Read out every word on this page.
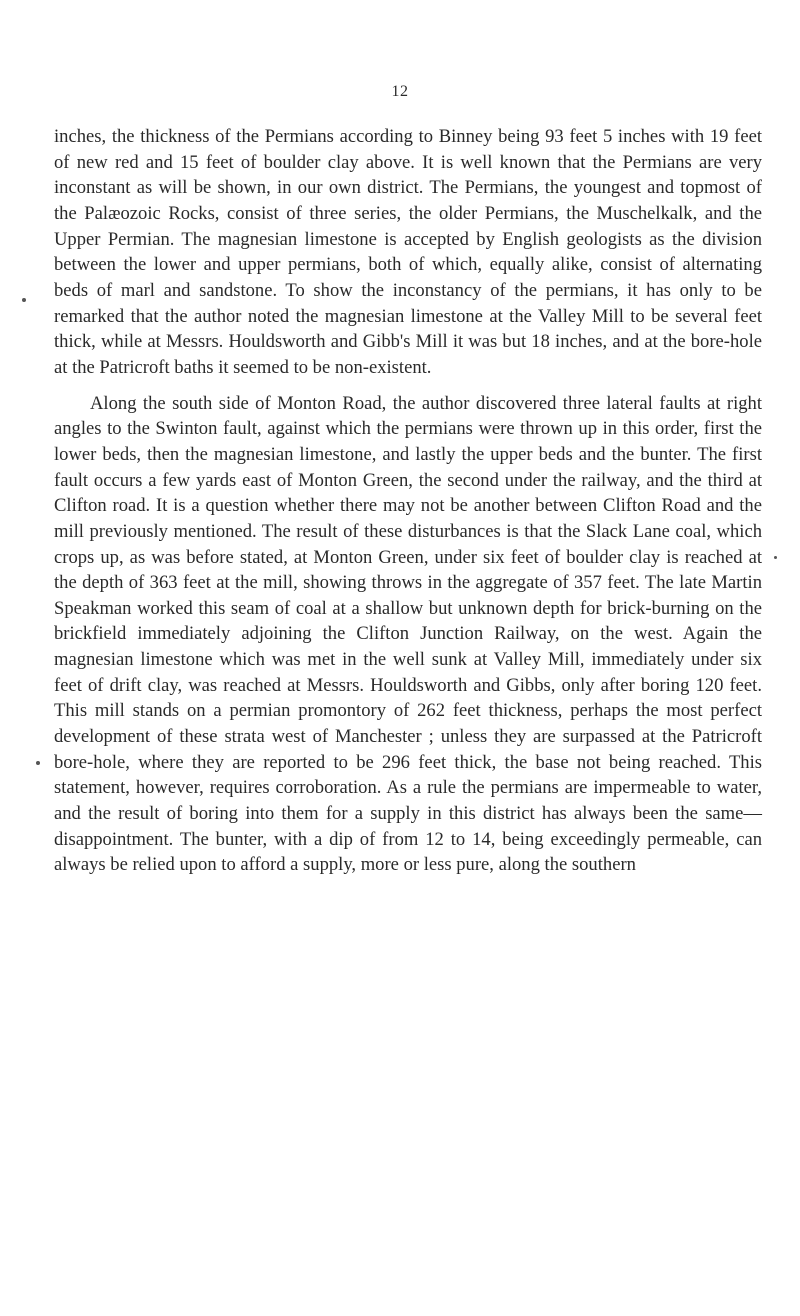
12

inches, the thickness of the Permians according to Binney being 93 feet 5 inches with 19 feet of new red and 15 feet of boulder clay above. It is well known that the Permians are very inconstant as will be shown, in our own district. The Permians, the youngest and topmost of the Palæozoic Rocks, consist of three series, the older Permians, the Muschelkalk, and the Upper Permian. The magnesian limestone is accepted by English geologists as the division between the lower and upper permians, both of which, equally alike, consist of alternating beds of marl and sandstone. To show the inconstancy of the permians, it has only to be remarked that the author noted the magnesian limestone at the Valley Mill to be several feet thick, while at Messrs. Houldsworth and Gibb's Mill it was but 18 inches, and at the bore-hole at the Patricroft baths it seemed to be non-existent.

Along the south side of Monton Road, the author discovered three lateral faults at right angles to the Swinton fault, against which the permians were thrown up in this order, first the lower beds, then the magnesian limestone, and lastly the upper beds and the bunter. The first fault occurs a few yards east of Monton Green, the second under the railway, and the third at Clifton road. It is a question whether there may not be another between Clifton Road and the mill previously mentioned. The result of these disturbances is that the Slack Lane coal, which crops up, as was before stated, at Monton Green, under six feet of boulder clay is reached at the depth of 363 feet at the mill, showing throws in the aggregate of 357 feet. The late Martin Speakman worked this seam of coal at a shallow but unknown depth for brick-burning on the brickfield immediately adjoining the Clifton Junction Railway, on the west. Again the magnesian limestone which was met in the well sunk at Valley Mill, immediately under six feet of drift clay, was reached at Messrs. Houldsworth and Gibbs, only after boring 120 feet. This mill stands on a permian promontory of 262 feet thickness, perhaps the most perfect development of these strata west of Manchester ; unless they are surpassed at the Patricroft bore-hole, where they are reported to be 296 feet thick, the base not being reached. This statement, however, requires corroboration. As a rule the permians are impermeable to water, and the result of boring into them for a supply in this district has always been the same—disappointment. The bunter, with a dip of from 12 to 14, being exceedingly permeable, can always be relied upon to afford a supply, more or less pure, along the southern
